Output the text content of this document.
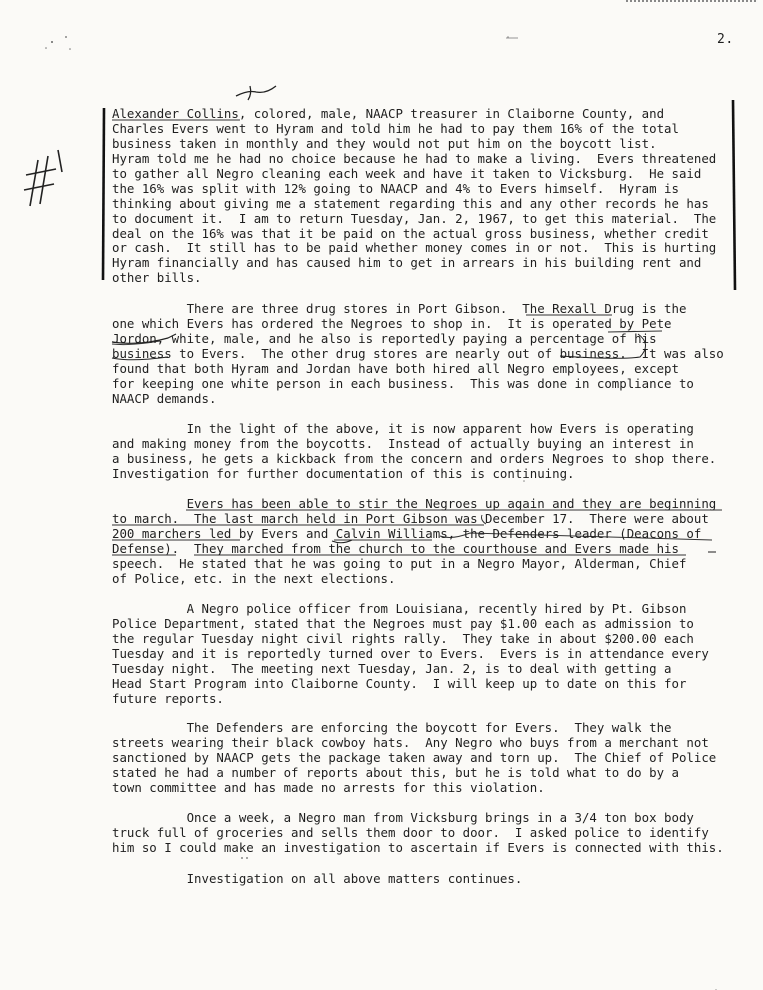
2.
Alexander Collins, colored, male, NAACP treasurer in Claiborne County, and
Charles Evers went to Hyram and told him he had to pay them 16% of the total
business taken in monthly and they would not put him on the boycott list.
Hyram told me he had no choice because he had to make a living.  Evers threatened
to gather all Negro cleaning each week and have it taken to Vicksburg.  He said
the 16% was split with 12% going to NAACP and 4% to Evers himself.  Hyram is
thinking about giving me a statement regarding this and any other records he has
to document it.  I am to return Tuesday, Jan. 2, 1967, to get this material.  The
deal on the 16% was that it be paid on the actual gross business, whether credit
or cash.  It still has to be paid whether money comes in or not.  This is hurting
Hyram financially and has caused him to get in arrears in his building rent and
other bills.
There are three drug stores in Port Gibson.  The Rexall Drug is the
one which Evers has ordered the Negroes to shop in.  It is operated by Pete
Jordon, white, male, and he also is reportedly paying a percentage of his
business to Evers.  The other drug stores are nearly out of business.  It was also
found that both Hyram and Jordan have both hired all Negro employees, except
for keeping one white person in each business.  This was done in compliance to
NAACP demands.
In the light of the above, it is now apparent how Evers is operating
and making money from the boycotts.  Instead of actually buying an interest in
a business, he gets a kickback from the concern and orders Negroes to shop there.
Investigation for further documentation of this is continuing.
Evers has been able to stir the Negroes up again and they are beginning
to march.  The last march held in Port Gibson was December 17.  There were about
200 marchers led by Evers and Calvin Williams, the Defenders leader (Deacons of
Defense).  They marched from the church to the courthouse and Evers made his
speech.  He stated that he was going to put in a Negro Mayor, Alderman, Chief
of Police, etc. in the next elections.
A Negro police officer from Louisiana, recently hired by Pt. Gibson
Police Department, stated that the Negroes must pay $1.00 each as admission to
the regular Tuesday night civil rights rally.  They take in about $200.00 each
Tuesday and it is reportedly turned over to Evers.  Evers is in attendance every
Tuesday night.  The meeting next Tuesday, Jan. 2, is to deal with getting a
Head Start Program into Claiborne County.  I will keep up to date on this for
future reports.
The Defenders are enforcing the boycott for Evers.  They walk the
streets wearing their black cowboy hats.  Any Negro who buys from a merchant not
sanctioned by NAACP gets the package taken away and torn up.  The Chief of Police
stated he had a number of reports about this, but he is told what to do by a
town committee and has made no arrests for this violation.
Once a week, a Negro man from Vicksburg brings in a 3/4 ton box body
truck full of groceries and sells them door to door.  I asked police to identify
him so I could make an investigation to ascertain if Evers is connected with this.
Investigation on all above matters continues.
